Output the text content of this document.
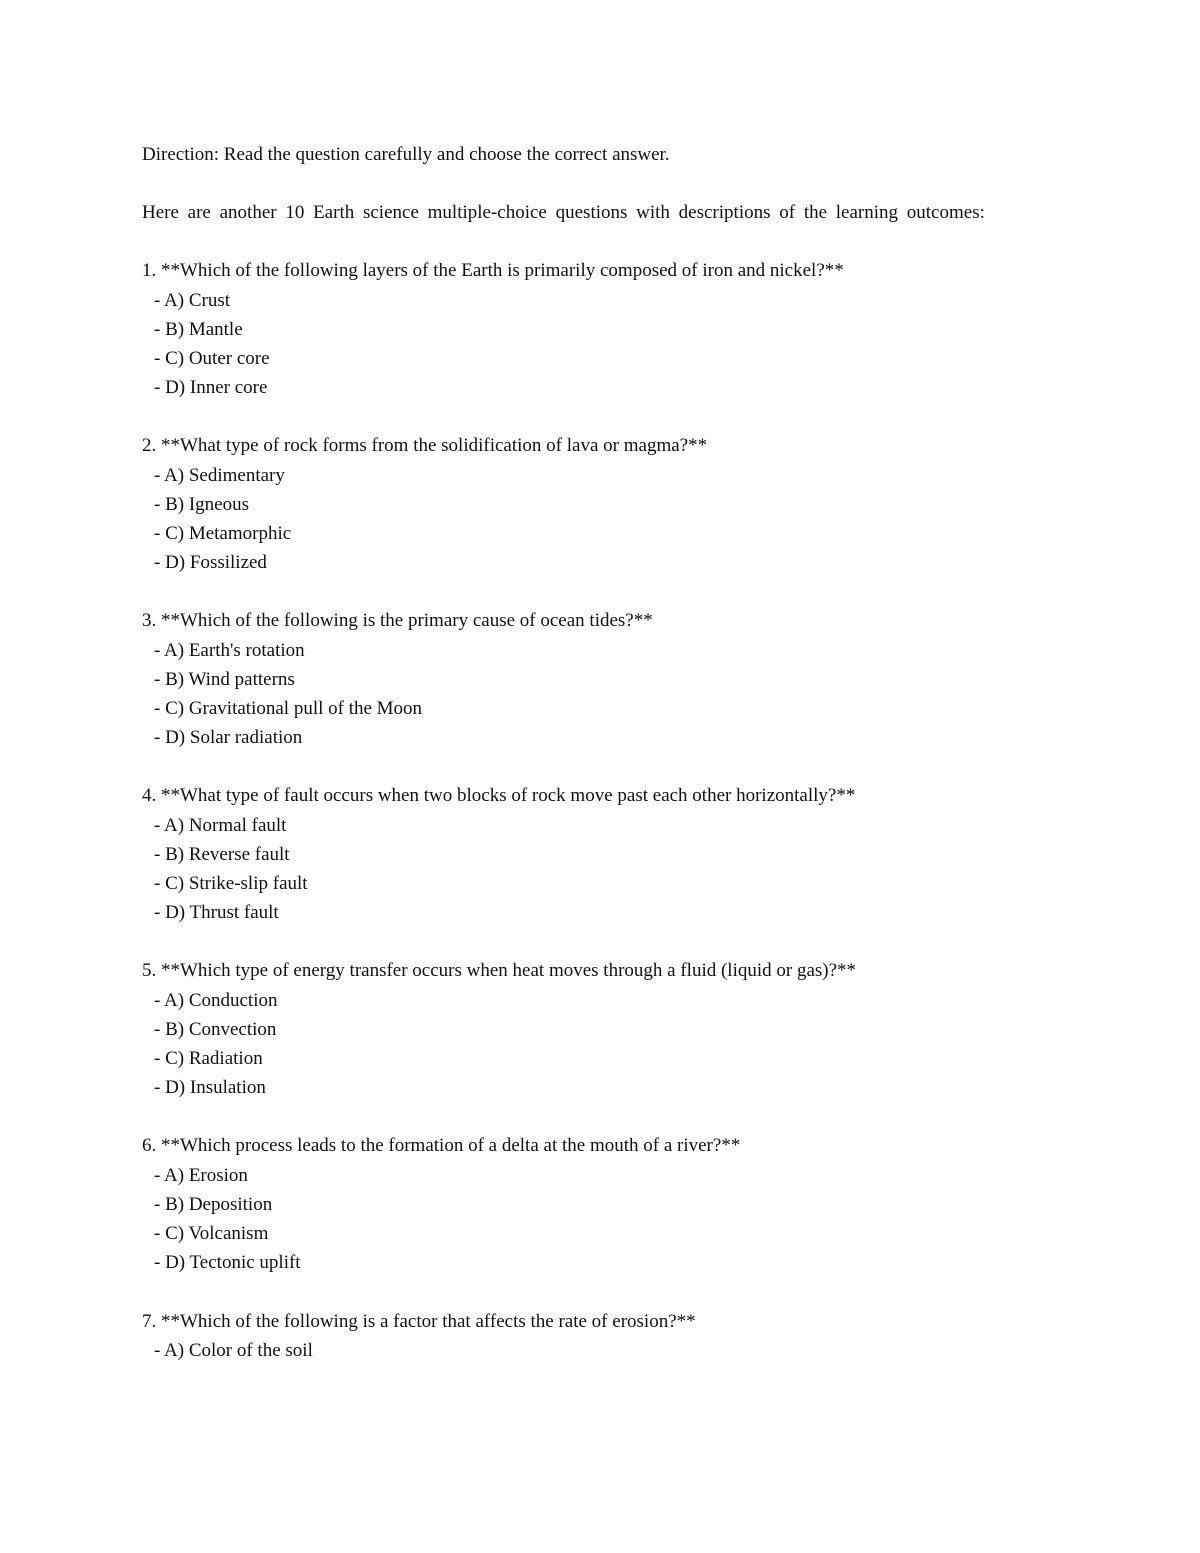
Direction: Read the question carefully and choose the correct answer.

Here are another 10 Earth science multiple-choice questions with descriptions of the learning outcomes:

1. **Which of the following layers of the Earth is primarily composed of iron and nickel?**

- A) Crust
- B) Mantle
- C) Outer core
- D) Inner core

2. **What type of rock forms from the solidification of lava or magma?**

- A) Sedimentary
- B) Igneous
- C) Metamorphic
- D) Fossilized

3. **Which of the following is the primary cause of ocean tides?**

- A) Earth's rotation
- B) Wind patterns
- C) Gravitational pull of the Moon
- D) Solar radiation

4. **What type of fault occurs when two blocks of rock move past each other horizontally?**

- A) Normal fault
- B) Reverse fault
- C) Strike-slip fault
- D) Thrust fault

5. **Which type of energy transfer occurs when heat moves through a fluid (liquid or gas)?**

- A) Conduction
- B) Convection
- C) Radiation
- D) Insulation

6. **Which process leads to the formation of a delta at the mouth of a river?**

- A) Erosion
- B) Deposition
- C) Volcanism
- D) Tectonic uplift

7. **Which of the following is a factor that affects the rate of erosion?**

- A) Color of the soil
